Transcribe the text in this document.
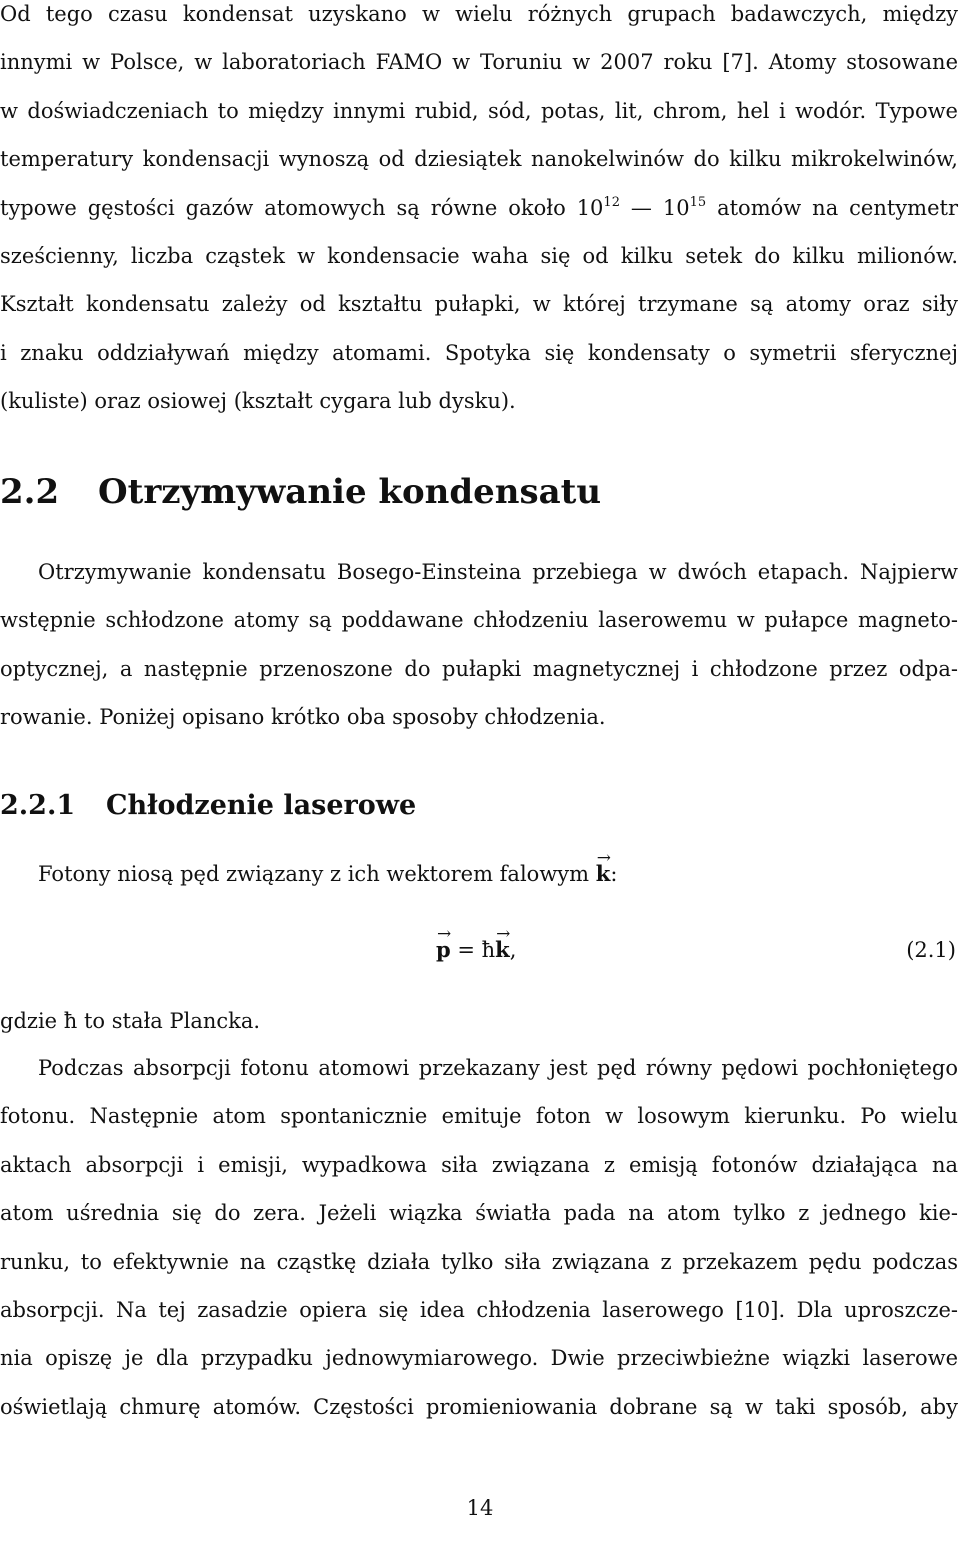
Od tego czasu kondensat uzyskano w wielu różnych grupach badawczych, między
innymi w Polsce, w laboratoriach FAMO w Toruniu w 2007 roku [7]. Atomy stosowane
w doświadczeniach to między innymi rubid, sód, potas, lit, chrom, hel i wodór. Typowe
temperatury kondensacji wynoszą od dziesiątek nanokelwinów do kilku mikrokelwinów,
typowe gęstości gazów atomowych są równe około $10^{12}$ — $10^{15}$ atomów na centymetr
sześcienny, liczba cząstek w kondensacie waha się od kilku setek do kilku milionów.
Kształt kondensatu zależy od kształtu pułapki, w której trzymane są atomy oraz siły
i znaku oddziaływań między atomami. Spotyka się kondensaty o symetrii sferycznej
(kuliste) oraz osiowej (kształt cygara lub dysku).
2.2 Otrzymywanie kondensatu
Otrzymywanie kondensatu Bosego-Einsteina przebiega w dwóch etapach. Najpierw
wstępnie schłodzone atomy są poddawane chłodzeniu laserowemu w pułapce magneto-
optycznej, a następnie przenoszone do pułapki magnetycznej i chłodzone przez odpa-
rowanie. Poniżej opisano krótko oba sposoby chłodzenia.
2.2.1 Chłodzenie laserowe
Fotony niosą pęd związany z ich wektorem falowym → k:
→ p = ħ→ k,	(2.1)
gdzie ħ to stała Plancka.
Podczas absorpcji fotonu atomowi przekazany jest pęd równy pędowi pochłoniętego
fotonu. Następnie atom spontanicznie emituje foton w losowym kierunku. Po wielu
aktach absorpcji i emisji, wypadkowa siła związana z emisją fotonów działająca na
atom uśrednia się do zera. Jeżeli wiązka światła pada na atom tylko z jednego kie-
runku, to efektywnie na cząstkę działa tylko siła związana z przekazem pędu podczas
absorpcji. Na tej zasadzie opiera się idea chłodzenia laserowego [10]. Dla uproszcze-
nia opiszę je dla przypadku jednowymiarowego. Dwie przeciwbieżne wiązki laserowe
oświetlają chmurę atomów. Częstości promieniowania dobrane są w taki sposób, aby
14
